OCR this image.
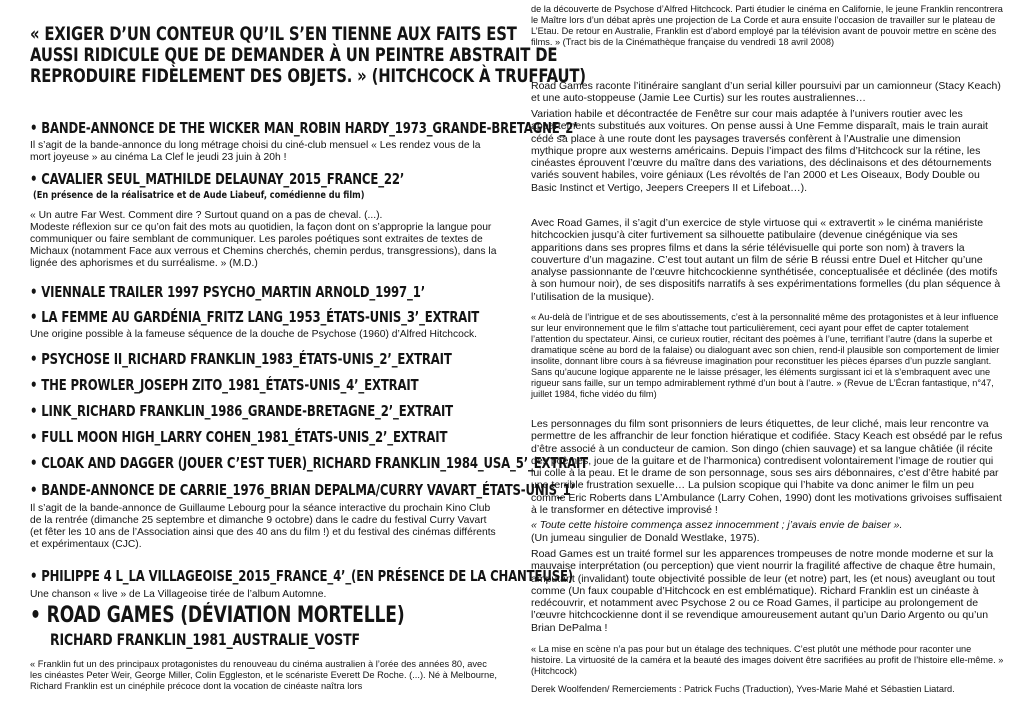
« EXIGER D’UN CONTEUR QU’IL S’EN TIENNE AUX FAITS EST
AUSSI RIDICULE QUE DE DEMANDER À UN PEINTRE ABSTRAIT DE
REPRODUIRE FIDÈLEMENT DES OBJETS. » (HITCHCOCK À TRUFFAUT)
• BANDE-ANNONCE DE THE WICKER MAN_ROBIN HARDY_1973_GRANDE-BRETAGNE_2’
Il s’agit de la bande-annonce du long métrage choisi du ciné-club mensuel « Les rendez vous de la mort joyeuse » au cinéma La Clef le jeudi 23 juin à 20h !
• CAVALIER SEUL_MATHILDE DELAUNAY_2015_FRANCE_22’
(En présence de la réalisatrice et de Aude Liabeuf, comédienne du film)
« Un autre Far West. Comment dire ? Surtout quand on a pas de cheval. (...).
Modeste réflexion sur ce qu’on fait des mots au quotidien, la façon dont on s’approprie la langue pour communiquer ou faire semblant de communiquer. Les paroles poétiques sont extraites de textes de Michaux (notamment Face aux verrous et Chemins cherchés, chemin perdus, transgressions), dans la lignée des aphorismes et du surréalisme. » (M.D.)
• VIENNALE TRAILER 1997 PSYCHO_MARTIN ARNOLD_1997_1’
• LA FEMME AU GARDÉNIA_FRITZ LANG_1953_ÉTATS-UNIS_3’_EXTRAIT
Une origine possible à la fameuse séquence de la douche de Psychose (1960) d’Alfred Hitchcock.
• PSYCHOSE II_RICHARD FRANKLIN_1983_ÉTATS-UNIS_2’_EXTRAIT
• THE PROWLER_JOSEPH ZITO_1981_ÉTATS-UNIS_4’_EXTRAIT
• LINK_RICHARD FRANKLIN_1986_GRANDE-BRETAGNE_2’_EXTRAIT
• FULL MOON HIGH_LARRY COHEN_1981_ÉTATS-UNIS_2’_EXTRAIT
• CLOAK AND DAGGER (JOUER C’EST TUER)_RICHARD FRANKLIN_1984_USA_5’_EXTRAIT
• BANDE-ANNONCE DE CARRIE_1976_BRIAN DEPALMA/CURRY VAVART_ÉTATS-UNIS_1’
Il s’agit de la bande-annonce de Guillaume Lebourg pour la séance interactive du prochain Kino Club de la rentrée (dimanche 25 septembre et dimanche 9 octobre) dans le cadre du festival Curry Vavart (et fêter les 10 ans de l’Association ainsi que des 40 ans du film !) et du festival des cinémas différents et expérimentaux (CJC).
• PHILIPPE 4 L_LA VILLAGEOISE_2015_FRANCE_4’_(EN PRÉSENCE DE LA CHANTEUSE)
Une chanson « live » de La Villageoise tirée de l’album Automne.
• ROAD GAMES (DÉVIATION MORTELLE)
RICHARD FRANKLIN_1981_AUSTRALIE_VOSTF
« Franklin fut un des principaux protagonistes du renouveau du cinéma australien à l’orée des années 80, avec les cinéastes Peter Weir, George Miller, Colin Eggleston, et le scénariste Everett De Roche. (...). Né à Melbourne, Richard Franklin est un cinéphile précoce dont la vocation de cinéaste naîtra lors
de la découverte de Psychose d’Alfred Hitchcock. Parti étudier le cinéma en Californie, le jeune Franklin rencontrera le Maître lors d’un débat après une projection de La Corde et aura ensuite l’occasion de travailler sur le plateau de L’Etau. De retour en Australie, Franklin est d’abord employé par la télévision avant de pouvoir mettre en scène des films. » (Tract bis de la Cinémathèque française du vendredi 18 avril 2008)
Road Games raconte l’itinéraire sanglant d’un serial killer poursuivi par un camionneur (Stacy Keach) et une auto-stoppeuse (Jamie Lee Curtis) sur les routes australiennes…
Variation habile et décontractée de Fenêtre sur cour mais adaptée à l’univers routier avec les appartements substitués aux voitures. On pense aussi à Une Femme disparaît, mais le train aurait cédé sa place à une route dont les paysages traversés confèrent à l’Australie une dimension mythique propre aux westerns américains. Depuis l’impact des films d’Hitchcock sur la rétine, les cinéastes éprouvent l’œuvre du maître dans des variations, des déclinaisons et des détournements variés souvent habiles, voire géniaux (Les révoltés de l’an 2000 et Les Oiseaux, Body Double ou Basic Instinct et Vertigo, Jeepers Creepers II et Lifeboat…).
Avec Road Games, il s’agit d’un exercice de style virtuose qui « extravertit » le cinéma maniériste hitchcockien jusqu’à citer furtivement sa silhouette patibulaire (devenue cinégénique via ses apparitions dans ses propres films et dans la série télévisuelle qui porte son nom) à travers la couverture d’un magazine. C’est tout autant un film de série B réussi entre Duel et Hitcher qu’une analyse passionnante de l’œuvre hitchcockienne synthétisée, conceptualisée et déclinée (des motifs à son humour noir), de ses dispositifs narratifs à ses expérimentations formelles (du plan séquence à l’utilisation de la musique).
« Au-delà de l’intrigue et de ses aboutissements, c’est à la personnalité même des protagonistes et à leur influence sur leur environnement que le film s’attache tout particulièrement, ceci ayant pour effet de capter totalement l’attention du spectateur. Ainsi, ce curieux routier, récitant des poèmes à l’une, terrifiant l’autre (dans la superbe et dramatique scène au bord de la falaise) ou dialoguant avec son chien, rend-il plausible son comportement de limier insolite, donnant libre cours à sa fiévreuse imagination pour reconstituer les pièces éparses d’un puzzle sanglant. Sans qu’aucune logique apparente ne le laisse présager, les éléments surgissant ici et là s’embraquent avec une rigueur sans faille, sur un tempo admirablement rythmé d’un bout à l’autre. » (Revue de L’Écran fantastique, n°47, juillet 1984, fiche vidéo du film)
Les personnages du film sont prisonniers de leurs étiquettes, de leur cliché, mais leur rencontre va permettre de les affranchir de leur fonction hiératique et codifiée. Stacy Keach est obsédé par le refus d’être associé à un conducteur de camion. Son dingo (chien sauvage) et sa langue châtiée (il récite des poèmes, joue de la guitare et de l’harmonica) contredisent volontairement l’image de routier qui lui colle à la peau. Et le drame de son personnage, sous ses airs débonnaires, c’est d’être habité par une terrible frustration sexuelle… La pulsion scopique qui l’habite va donc animer le film un peu comme Eric Roberts dans L’Ambulance (Larry Cohen, 1990) dont les motivations grivoises suffisaient à le transformer en détective improvisé !
« Toute cette histoire commença assez innocemment ; j’avais envie de baiser ».
(Un jumeau singulier de Donald Westlake, 1975).
Road Games est un traité formel sur les apparences trompeuses de notre monde moderne et sur la mauvaise interprétation (ou perception) que vient nourrir la fragilité affective de chaque être humain, amputant (invalidant) toute objectivité possible de leur (et notre) part, les (et nous) aveuglant ou tout comme (Un faux coupable d’Hitchcock en est emblématique). Richard Franklin est un cinéaste à redécouvrir, et notamment avec Psychose 2 ou ce Road Games, il participe au prolongement de l’œuvre hitchcockienne dont il se revendique amoureusement autant qu’un Dario Argento ou qu’un Brian DePalma !
« La mise en scène n’a pas pour but un étalage des techniques. C’est plutôt une méthode pour raconter une histoire. La virtuosité de la caméra et la beauté des images doivent être sacrifiées au profit de l’histoire elle-même. » (Hitchcock)
Derek Woolfenden/ Remerciements : Patrick Fuchs (Traduction), Yves-Marie Mahé et Sébastien Liatard.
